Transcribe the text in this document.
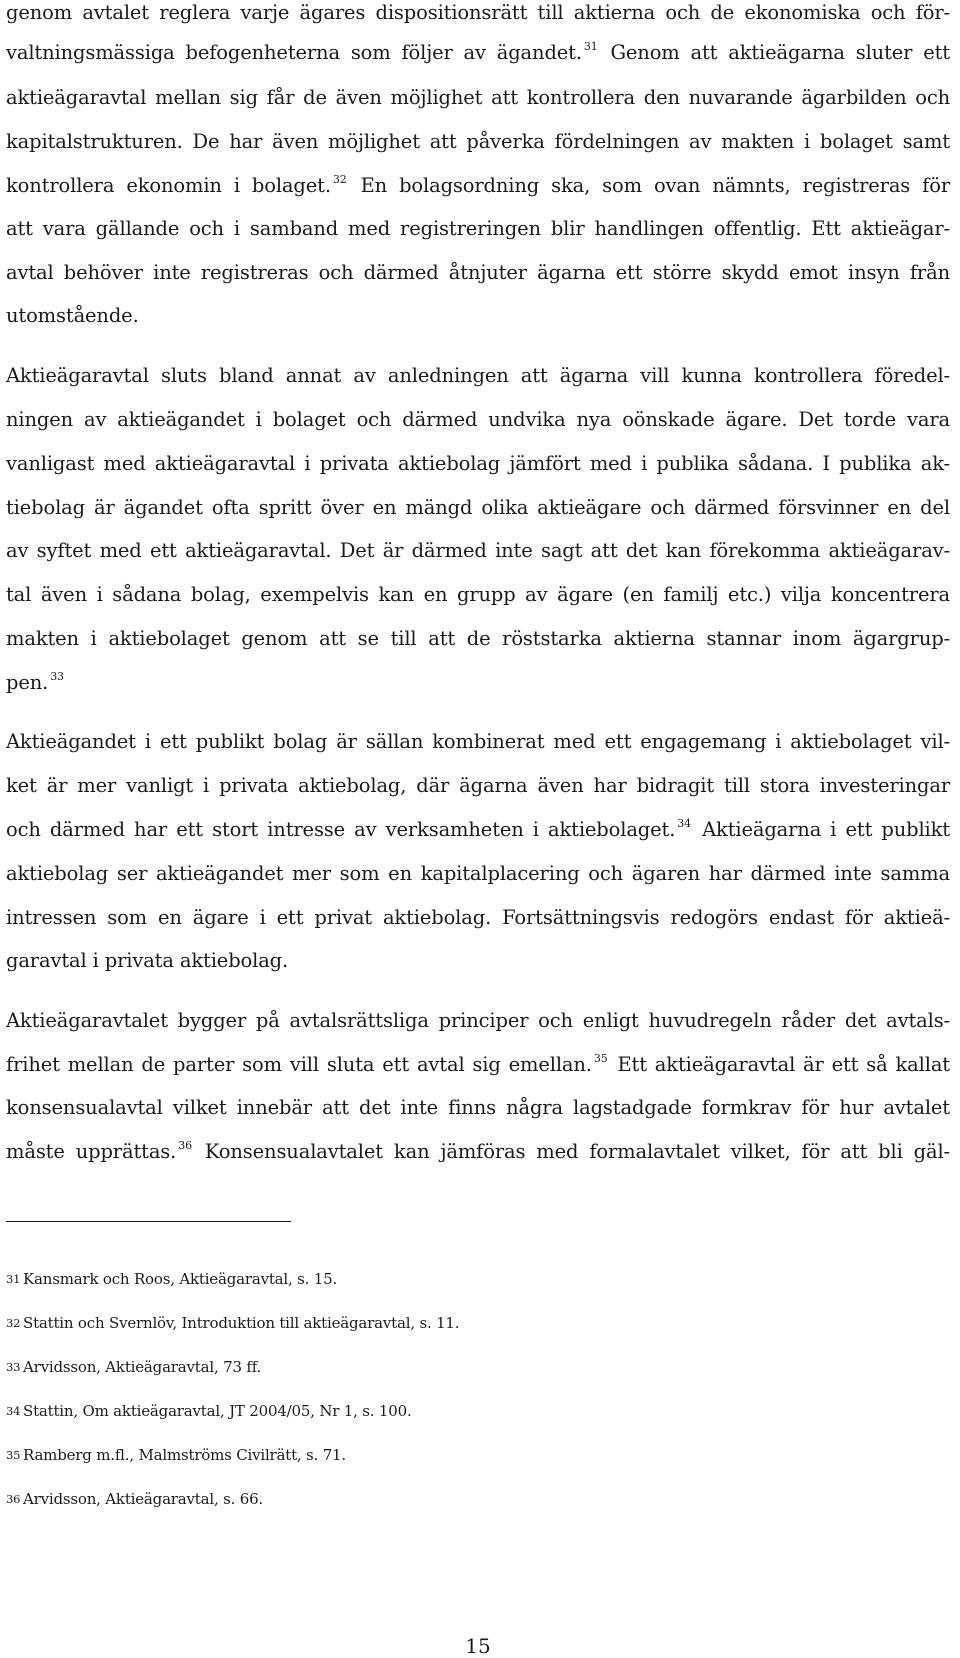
genom avtalet reglera varje ägares dispositionsrätt till aktierna och de ekonomiska och för-
valtningsmässiga befogenheterna som följer av ägandet. $^{31}$ Genom att aktieägarna sluter ett
aktieägaravtal mellan sig får de även möjlighet att kontrollera den nuvarande ägarbilden och
kapitalstrukturen. De har även möjlighet att påverka fördelningen av makten i bolaget samt
kontrollera ekonomin i bolaget. $^{32}$ En bolagsordning ska, som ovan nämnts, registreras för
att vara gällande och i samband med registreringen blir handlingen offentlig. Ett aktieägar-
avtal behöver inte registreras och därmed åtnjuter ägarna ett större skydd emot insyn från
utomstående.
Aktieägaravtal sluts bland annat av anledningen att ägarna vill kunna kontrollera föredel-
ningen av aktieägandet i bolaget och därmed undvika nya oönskade ägare. Det torde vara
vanligast med aktieägaravtal i privata aktiebolag jämfört med i publika sådana. I publika ak-
tiebolag är ägandet ofta spritt över en mängd olika aktieägare och därmed försvinner en del
av syftet med ett aktieägaravtal. Det är därmed inte sagt att det kan förekomma aktieägarav-
tal även i sådana bolag, exempelvis kan en grupp av ägare (en familj etc.) vilja koncentrera
makten i aktiebolaget genom att se till att de röststarka aktierna stannar inom ägargrup-
pen. $^{33}$
Aktieägandet i ett publikt bolag är sällan kombinerat med ett engagemang i aktiebolaget vil-
ket är mer vanligt i privata aktiebolag, där ägarna även har bidragit till stora investeringar
och därmed har ett stort intresse av verksamheten i aktiebolaget. $^{34}$ Aktieägarna i ett publikt
aktiebolag ser aktieägandet mer som en kapitalplacering och ägaren har därmed inte samma
intressen som en ägare i ett privat aktiebolag. Fortsättningsvis redogörs endast för aktieä-
garavtal i privata aktiebolag.
Aktieägaravtalet bygger på avtalsrättsliga principer och enligt huvudregeln råder det avtals-
frihet mellan de parter som vill sluta ett avtal sig emellan. $^{35}$ Ett aktieägaravtal är ett så kallat
konsensualavtal vilket innebär att det inte finns några lagstadgade formkrav för hur avtalet
måste upprättas. $^{36}$ Konsensualavtalet kan jämföras med formalavtalet vilket, för att bli gäl-
31 Kansmark och Roos, Aktieägaravtal, s. 15.
32 Stattin och Svernlöv, Introduktion till aktieägaravtal, s. 11.
33 Arvidsson, Aktieägaravtal, 73 ff.
34 Stattin, Om aktieägaravtal, JT 2004/05, Nr 1, s. 100.
35 Ramberg m.fl., Malmströms Civilrätt, s. 71.
36 Arvidsson, Aktieägaravtal, s. 66.
15
